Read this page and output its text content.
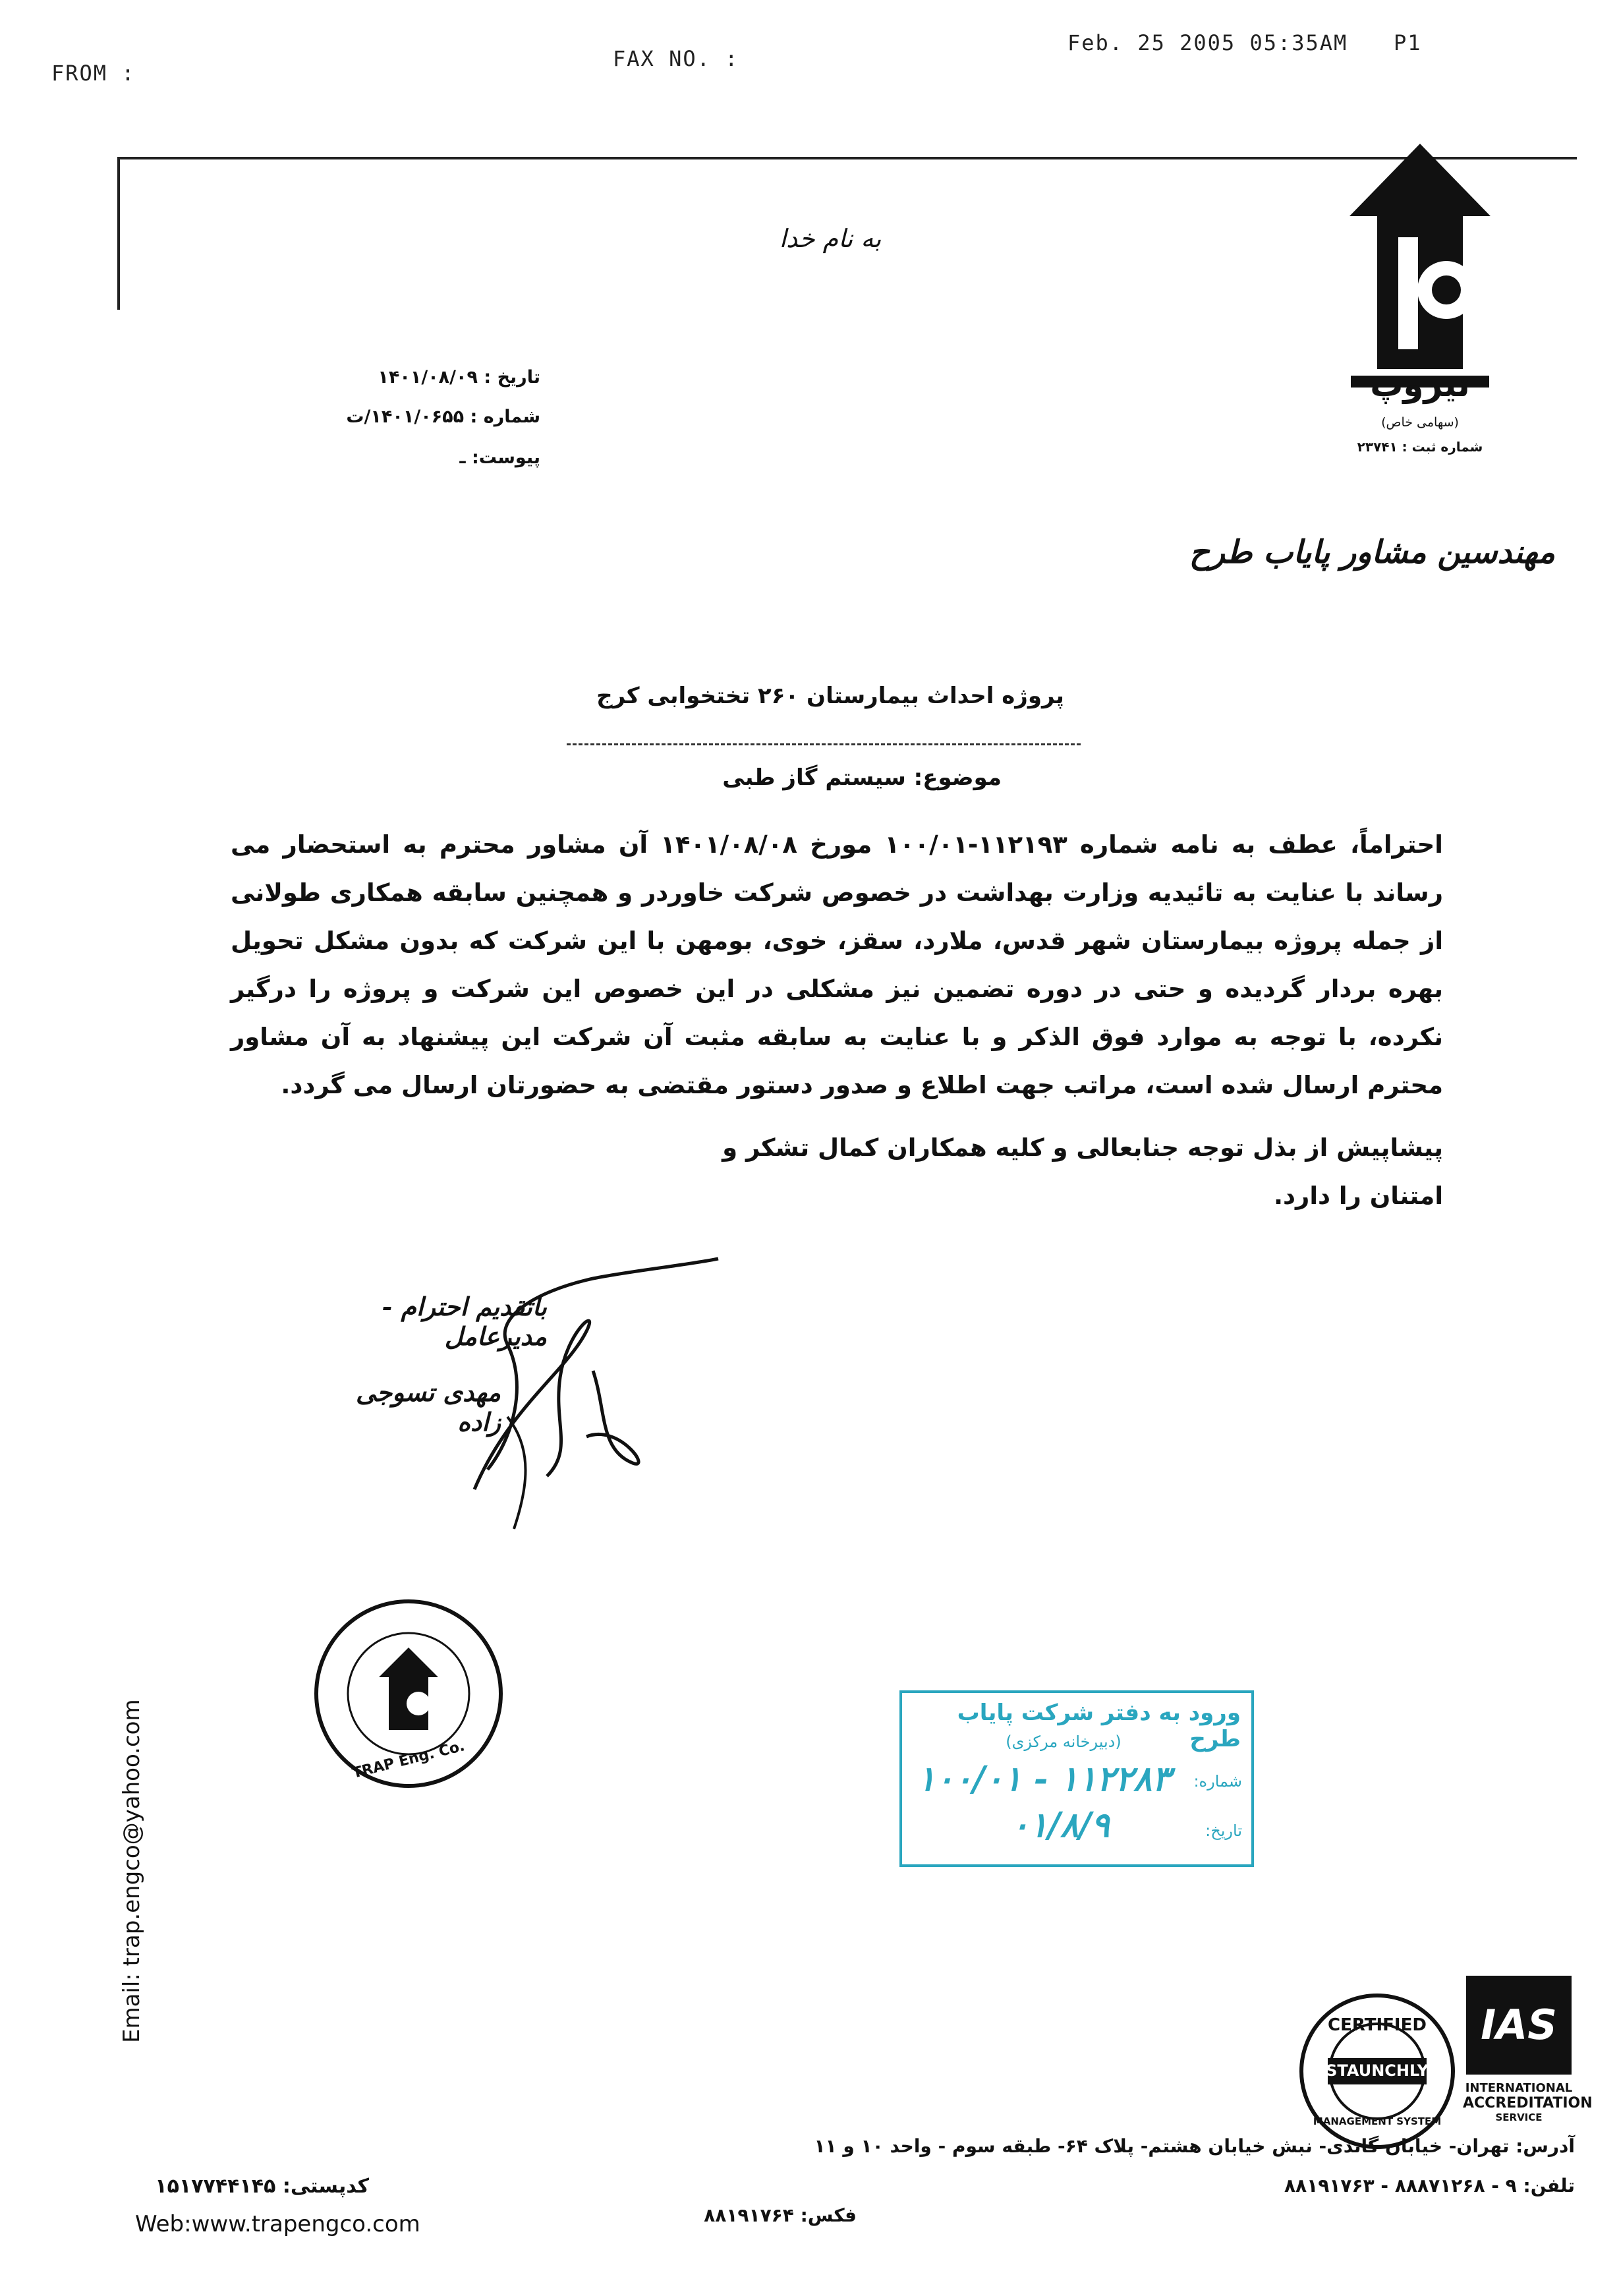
FROM :
FAX NO. :
Feb. 25 2005 05:35AM P1
تیروپ
(سهامی خاص)
شماره ثبت : ۲۳۷۴۱
به نام خدا
تاریخ : ۱۴۰۱/۰۸/۰۹
شماره : ۱۴۰۱/۰۶۵۵/ت
پیوست: ـ
مهندسین مشاور پایاب طرح
پروژه احداث بیمارستان ۲۶۰ تختخوابی کرج
موضوع: سیستم گاز طبی
احتراماً، عطف به نامه شماره ۱۱۲۱۹۳-۱۰۰/۰۱ مورخ ۱۴۰۱/۰۸/۰۸ آن مشاور محترم به استحضار می رساند با عنایت به تائیدیه وزارت بهداشت در خصوص شرکت خاوردر و همچنین سابقه همکاری طولانی از جمله پروژه بیمارستان شهر قدس، ملارد، سقز، خوی، بومهن با این شرکت که بدون مشکل تحویل بهره بردار گردیده و حتی در دوره تضمین نیز مشکلی در این خصوص این شرکت و پروژه را درگیر نکرده، با توجه به موارد فوق الذکر و با عنایت به سابقه مثبت آن شرکت این پیشنهاد به آن مشاور محترم ارسال شده است، مراتب جهت اطلاع و صدور دستور مقتضی به حضورتان ارسال می گردد.
پیشاپیش از بذل توجه جنابعالی و کلیه همکاران کمال تشکر و امتنان را دارد.
باتقدیم احترام - مدیرعامل
مهدی تسوجی زاده
TRAP Eng. Co.
ورود به دفتر شرکت پایاب طرح
(دبیرخانه مرکزی)
شماره:
۱۰۰/۰۱ - ۱۱۲۲۸۳
تاریخ:
۰۱/۸/۹
Email: trap.engco@yahoo.com	CERTIFIED
STAUNCHLY
MANAGEMENT SYSTEM
IAS
INTERNATIONAL
ACCREDITATION
SERVICE
کدپستی: ۱۵۱۷۷۴۴۱۴۵
Web:www.trapengco.com
آدرس: تهران- خیابان گاندی- نبش خیابان هشتم- پلاک ۶۴- طبقه سوم - واحد ۱۰ و ۱۱
تلفن: ۹ - ۸۸۸۷۱۲۶۸ - ۸۸۱۹۱۷۶۳
فکس: ۸۸۱۹۱۷۶۴
